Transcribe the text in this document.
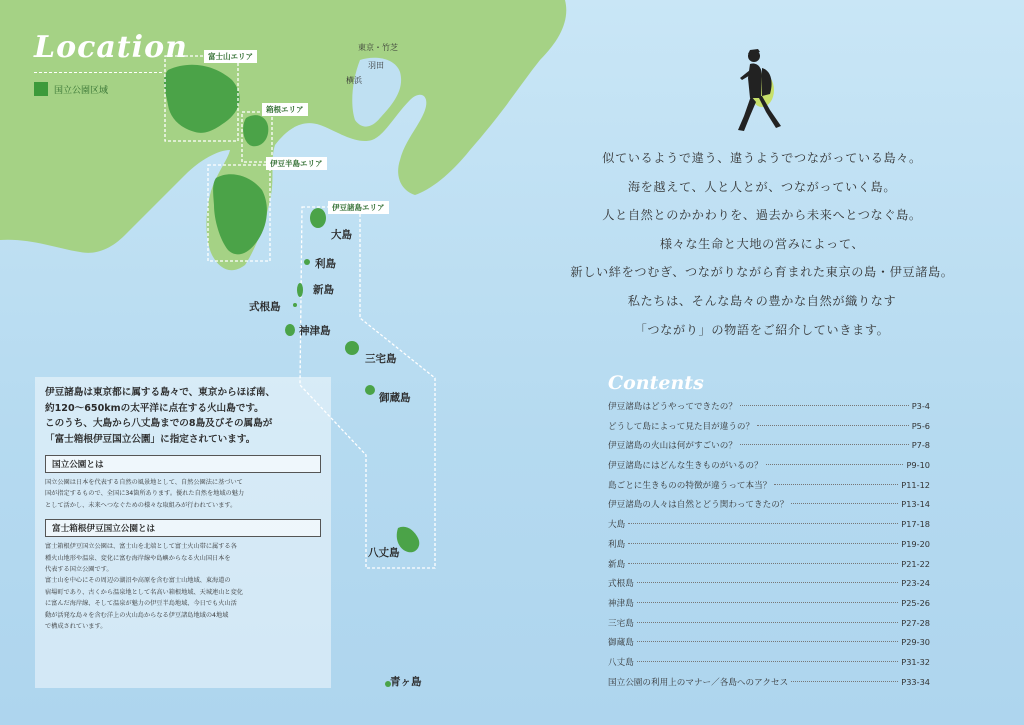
Location
国立公園区域
富士山エリア
箱根エリア
伊豆半島エリア
伊豆諸島エリア
東京・竹芝
羽田
横浜
大島
利島
新島
式根島
神津島
三宅島
御蔵島
八丈島
青ヶ島
似ているようで違う、違うようでつながっている島々。
海を越えて、人と人とが、つながっていく島。
人と自然とのかかわりを、過去から未来へとつなぐ島。
様々な生命と大地の営みによって、
新しい絆をつむぎ、つながりながら育まれた東京の島・伊豆諸島。
私たちは、そんな島々の豊かな自然が織りなす
「つながり」の物語をご紹介していきます。
伊豆諸島は東京都に属する島々で、東京からほぼ南、
約120～650kmの太平洋に点在する火山島です。
このうち、大島から八丈島までの8島及びその属島が
「富士箱根伊豆国立公園」に指定されています。
国立公園とは
国立公園は日本を代表する自然の風景地として、自然公園法に基づいて
国が指定するもので、全国に34箇所あります。優れた自然を地域の魅力
として活かし、未来へつなぐための様々な取組みが行われています。
富士箱根伊豆国立公園とは
富士箱根伊豆国立公園は、富士山を北端として富士火山帯に属する各
種火山地形や温泉、変化に富む海岸線や島嶼からなる火山国日本を
代表する国立公園です。
富士山を中心にその周辺の湖沼や高原を含む富士山地域、東海道の
宿場町であり、古くから温泉地として名高い箱根地域、天城連山と変化
に富んだ海岸線、そして温泉が魅力の伊豆半島地域、今日でも火山活
動が活発な島々を含む洋上の火山島からなる伊豆諸島地域の4地域
で構成されています。
Contents
伊豆諸島はどうやってできたの？	P3-4
どうして島によって見た目が違うの？	P5-6
伊豆諸島の火山は何がすごいの？	P7-8
伊豆諸島にはどんな生きものがいるの？	P9-10
島ごとに生きものの特徴が違うって本当？	P11-12
伊豆諸島の人々は自然とどう関わってきたの？	P13-14
大島	P17-18
利島	P19-20
新島	P21-22
式根島	P23-24
神津島	P25-26
三宅島	P27-28
御蔵島	P29-30
八丈島	P31-32
国立公園の利用上のマナー／各島へのアクセス	P33-34
